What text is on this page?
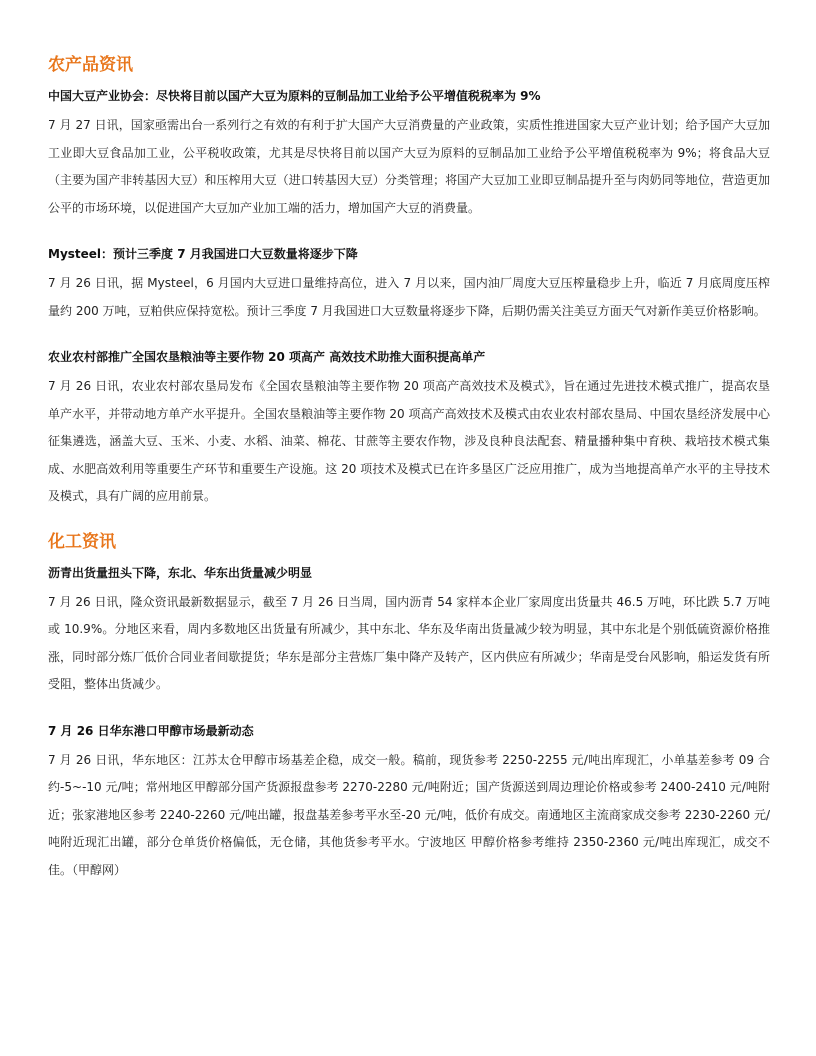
农产品资讯

中国大豆产业协会：尽快将目前以国产大豆为原料的豆制品加工业给予公平增值税税率为 9%

7 月 27 日讯，国家亟需出台一系列行之有效的有利于扩大国产大豆消费量的产业政策，实质性推进国家大豆产业计划；给予国产大豆加工业即大豆食品加工业，公平税收政策，尤其是尽快将目前以国产大豆为原料的豆制品加工业给予公平增值税税率为 9%；将食品大豆（主要为国产非转基因大豆）和压榨用大豆（进口转基因大豆）分类管理；将国产大豆加工业即豆制品提升至与肉奶同等地位，营造更加公平的市场环境，以促进国产大豆加产业加工端的活力，增加国产大豆的消费量。

Mysteel：预计三季度 7 月我国进口大豆数量将逐步下降

7 月 26 日讯，据 Mysteel，6 月国内大豆进口量维持高位，进入 7 月以来，国内油厂周度大豆压榨量稳步上升，临近 7 月底周度压榨量约 200 万吨，豆粕供应保持宽松。预计三季度 7 月我国进口大豆数量将逐步下降，后期仍需关注美豆方面天气对新作美豆价格影响。

农业农村部推广全国农垦粮油等主要作物 20 项高产 高效技术助推大面积提高单产

7 月 26 日讯，农业农村部农垦局发布《全国农垦粮油等主要作物 20 项高产高效技术及模式》，旨在通过先进技术模式推广，提高农垦单产水平，并带动地方单产水平提升。全国农垦粮油等主要作物 20 项高产高效技术及模式由农业农村部农垦局、中国农垦经济发展中心征集遴选，涵盖大豆、玉米、小麦、水稻、油菜、棉花、甘蔗等主要农作物，涉及良种良法配套、精量播种集中育秧、栽培技术模式集成、水肥高效利用等重要生产环节和重要生产设施。这 20 项技术及模式已在许多垦区广泛应用推广，成为当地提高单产水平的主导技术及模式，具有广阔的应用前景。

化工资讯

沥青出货量扭头下降，东北、华东出货量减少明显

7 月 26 日讯，隆众资讯最新数据显示，截至 7 月 26 日当周，国内沥青 54 家样本企业厂家周度出货量共 46.5 万吨，环比跌 5.7 万吨或 10.9%。分地区来看，周内多数地区出货量有所减少，其中东北、华东及华南出货量减少较为明显，其中东北是个别低硫资源价格推涨，同时部分炼厂低价合同业者间歇提货；华东是部分主营炼厂集中降产及转产，区内供应有所减少；华南是受台风影响，船运发货有所受阻，整体出货减少。

7 月 26 日华东港口甲醇市场最新动态

7 月 26 日讯，华东地区：江苏太仓甲醇市场基差企稳，成交一般。稿前，现货参考 2250-2255 元/吨出库现汇，小单基差参考 09 合约-5~-10 元/吨；常州地区甲醇部分国产货源报盘参考 2270-2280 元/吨附近；国产货源送到周边理论价格或参考 2400-2410 元/吨附近；张家港地区参考 2240-2260 元/吨出罐，报盘基差参考平水至-20 元/吨，低价有成交。南通地区主流商家成交参考 2230-2260 元/吨附近现汇出罐，部分仓单货价格偏低，无仓储，其他货参考平水。宁波地区 甲醇价格参考维持 2350-2360 元/吨出库现汇，成交不佳。（甲醇网）
